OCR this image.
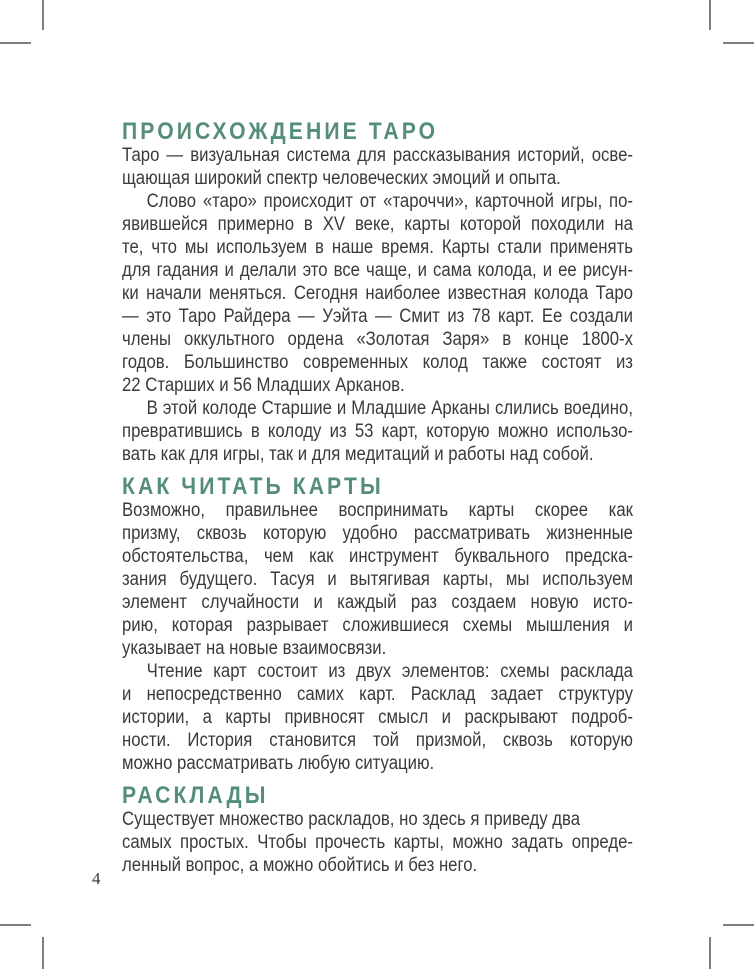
ПРОИСХОЖДЕНИЕ ТАРО
Таро — визуальная система для рассказывания историй, осве-
щающая широкий спектр человеческих эмоций и опыта.
Слово «таро» происходит от «тароччи», карточной игры, по-
явившейся примерно в XV веке, карты которой походили на
те, что мы используем в наше время. Карты стали применять
для гадания и делали это все чаще, и сама колода, и ее рисун-
ки начали меняться. Сегодня наиболее известная колода Таро
— это Таро Райдера — Уэйта — Смит из 78 карт. Ее создали
члены оккультного ордена «Золотая Заря» в конце 1800-х
годов. Большинство современных колод также состоят из
22 Старших и 56 Младших Арканов.
В этой колоде Старшие и Младшие Арканы слились воедино,
превратившись в колоду из 53 карт, которую можно использо-
вать как для игры, так и для медитаций и работы над собой.
КАК ЧИТАТЬ КАРТЫ
Возможно, правильнее воспринимать карты скорее как
призму, сквозь которую удобно рассматривать жизненные
обстоятельства, чем как инструмент буквального предска-
зания будущего. Тасуя и вытягивая карты, мы используем
элемент случайности и каждый раз создаем новую исто-
рию, которая разрывает сложившиеся схемы мышления и
указывает на новые взаимосвязи.
Чтение карт состоит из двух элементов: схемы расклада
и непосредственно самих карт. Расклад задает структуру
истории, а карты привносят смысл и раскрывают подроб-
ности. История становится той призмой, сквозь которую
можно рассматривать любую ситуацию.
РАСКЛАДЫ
Существует множество раскладов, но здесь я приведу два
самых простых. Чтобы прочесть карты, можно задать опреде-
ленный вопрос, а можно обойтись и без него.
4
